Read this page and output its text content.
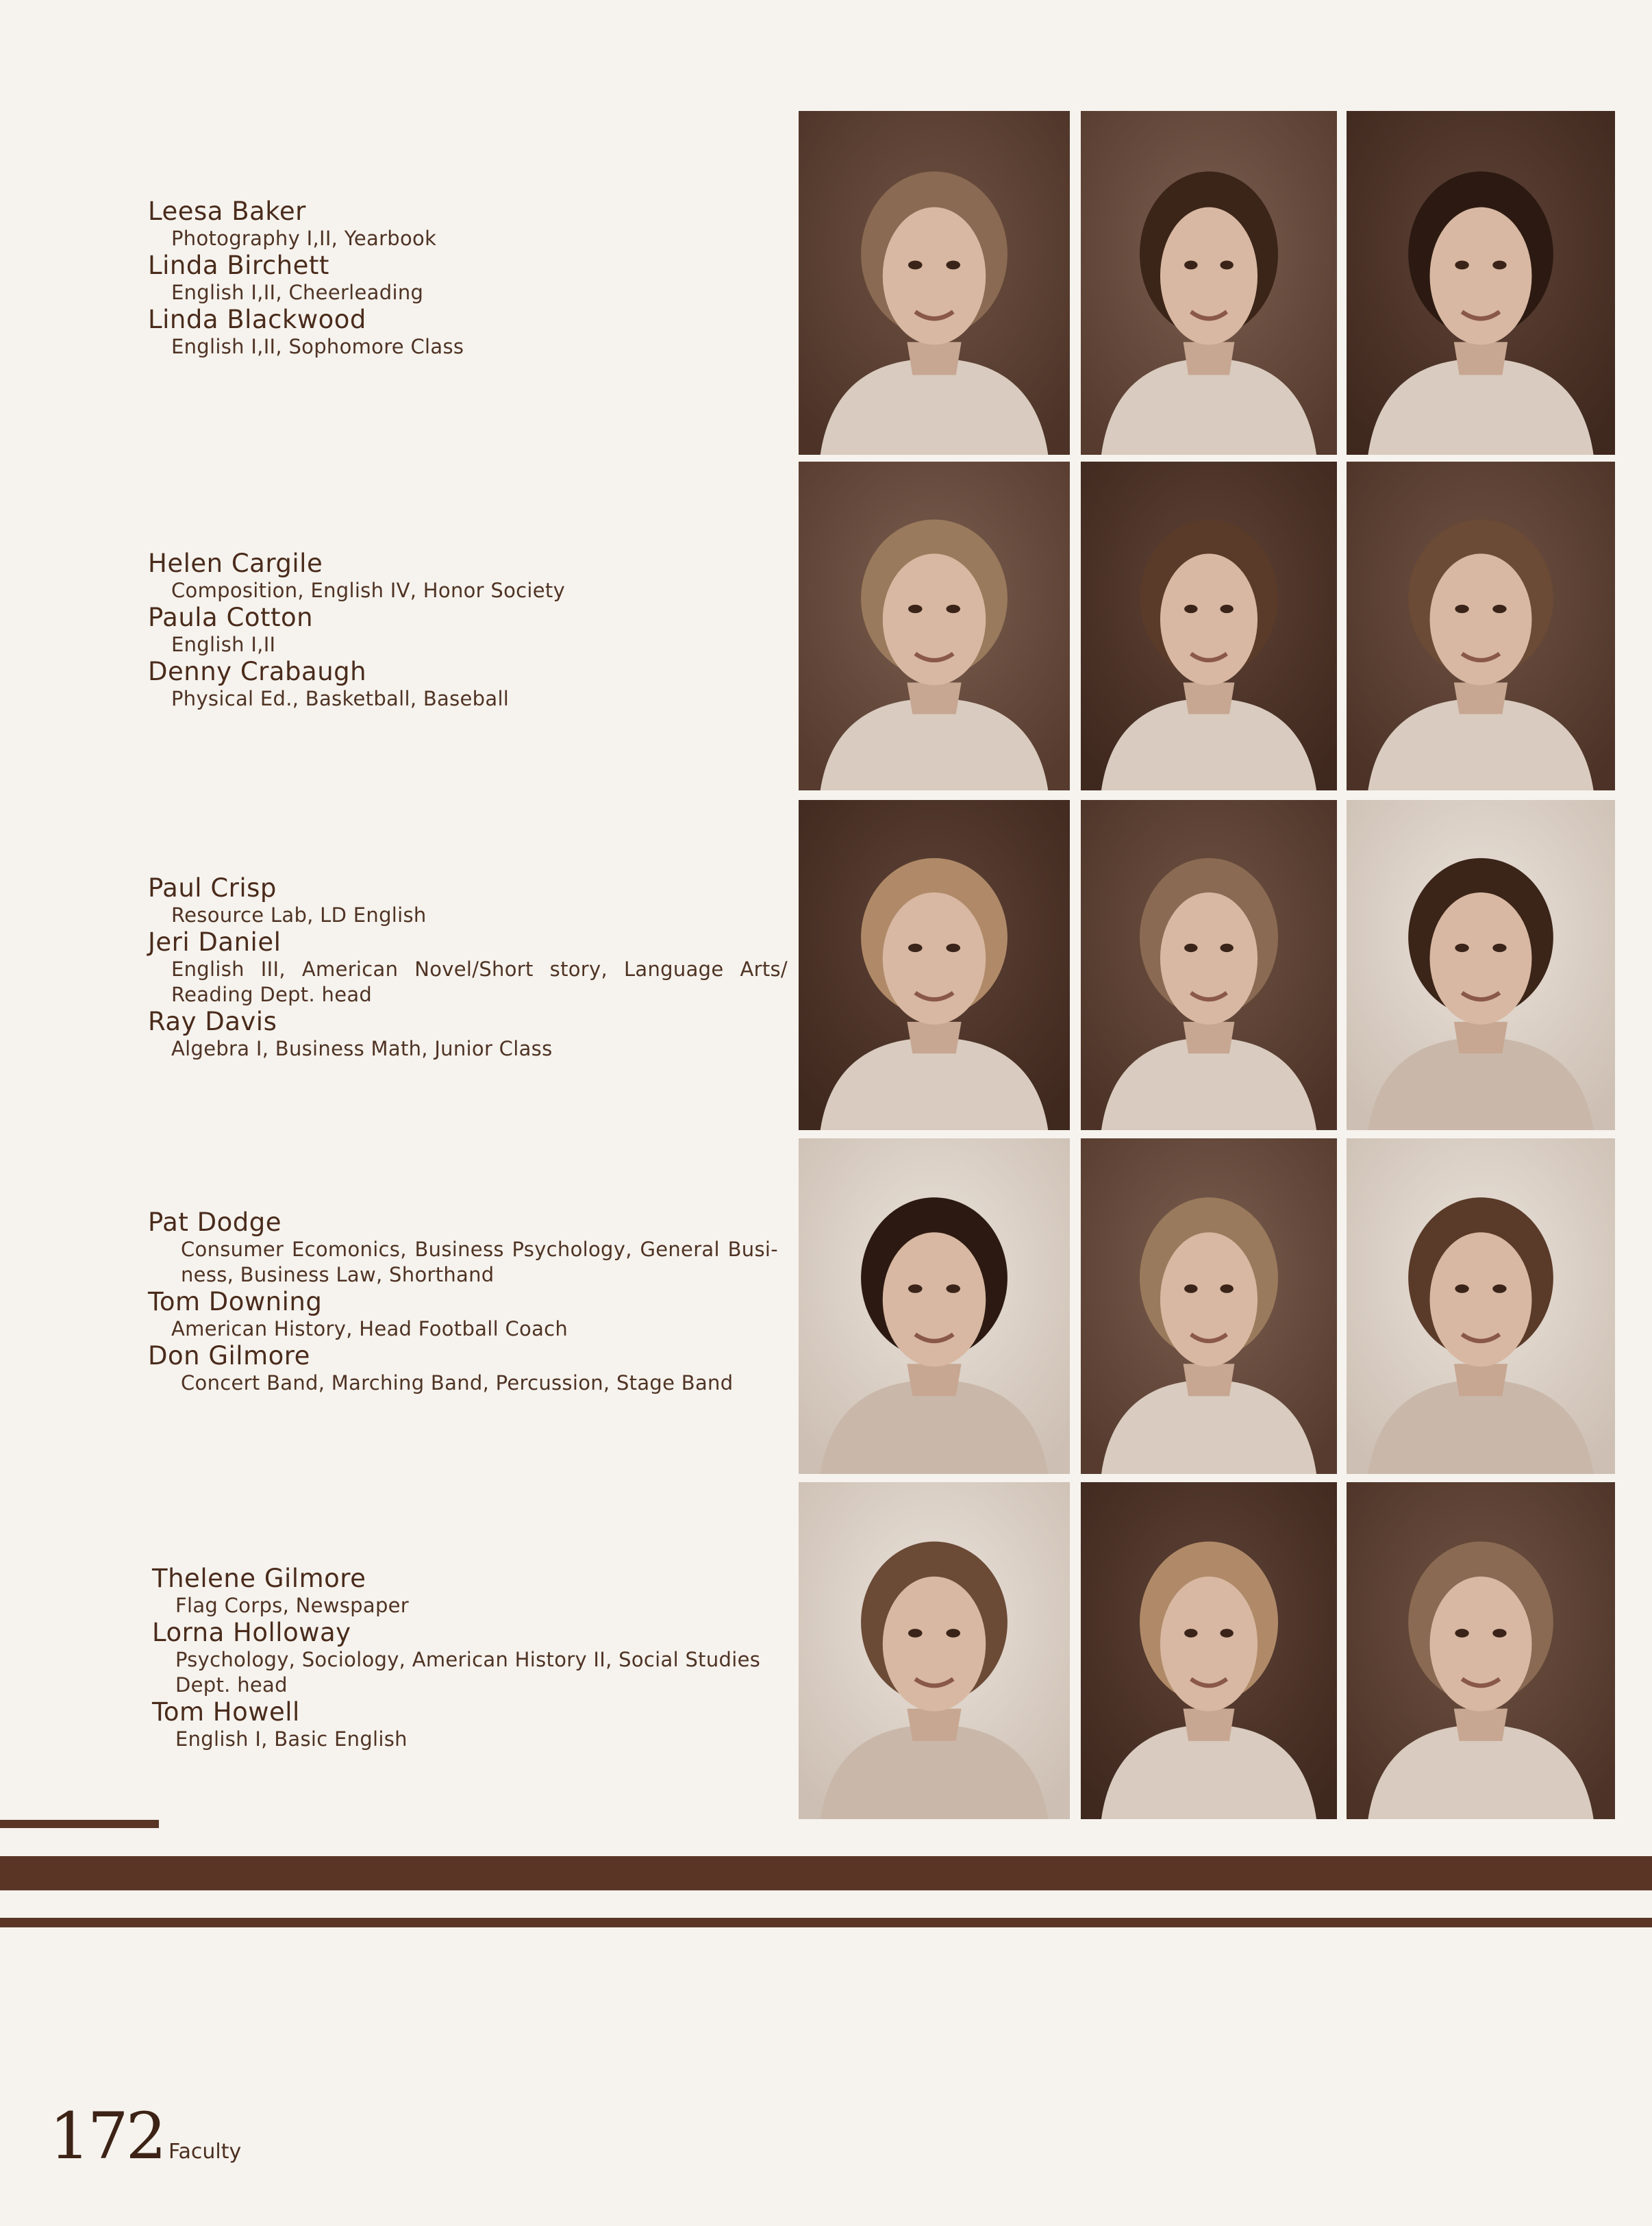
Leesa Baker
Photography I,II, Yearbook
Linda Birchett
English I,II, Cheerleading
Linda Blackwood
English I,II, Sophomore Class
Helen Cargile
Composition, English IV, Honor Society
Paula Cotton
English I,II
Denny Crabaugh
Physical Ed., Basketball, Baseball
Paul Crisp
Resource Lab, LD English
Jeri Daniel
English III, American Novel/Short story, Language Arts/ Reading Dept. head
Ray Davis
Algebra I, Business Math, Junior Class
Pat Dodge
Consumer Ecomonics, Business Psychology, General Busi- ness, Business Law, Shorthand
Tom Downing
American History, Head Football Coach
Don Gilmore
Concert Band, Marching Band, Percussion, Stage Band
Thelene Gilmore
Flag Corps, Newspaper
Lorna Holloway
Psychology, Sociology, American History II, Social Studies Dept. head
Tom Howell
English I, Basic English
172 Faculty
